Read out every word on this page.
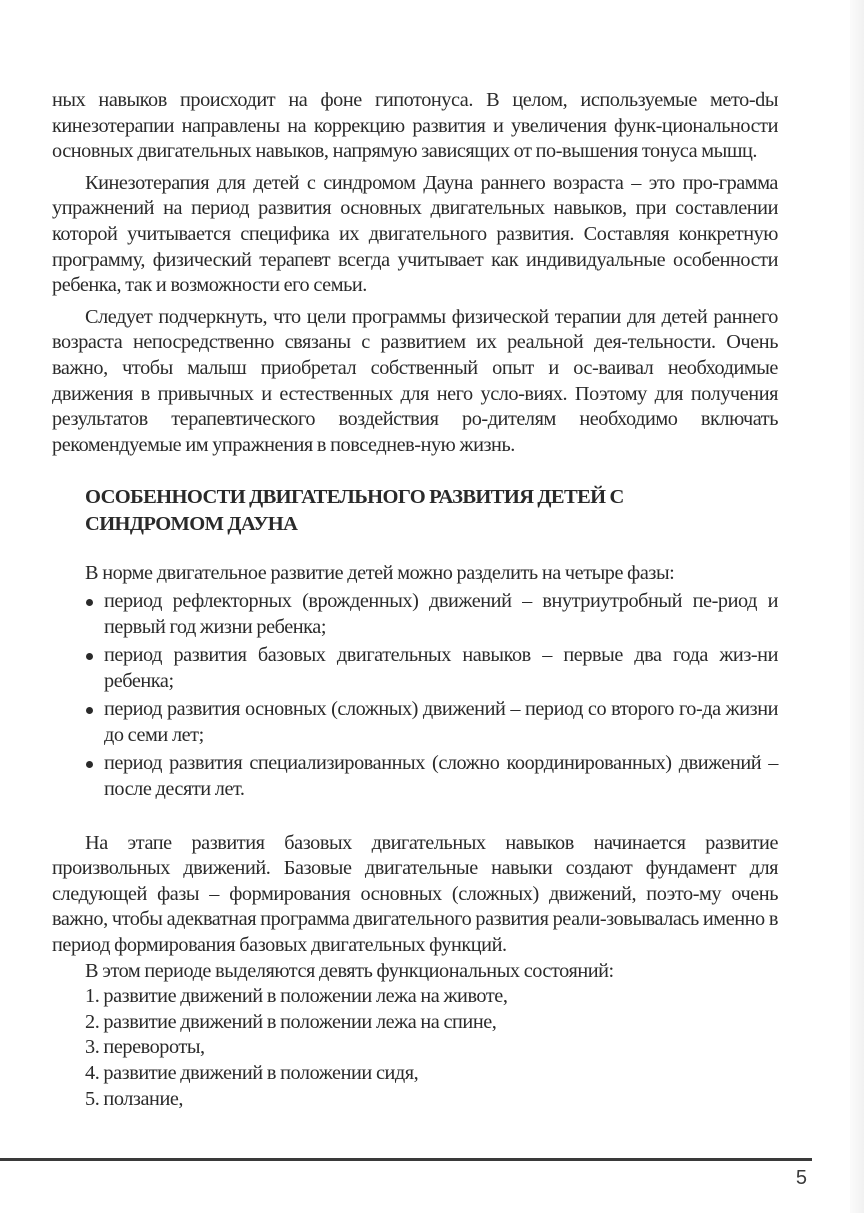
ных навыков происходит на фоне гипотонуса. В целом, используемые мето-dы кинезотерапии направлены на коррекцию развития и увеличения функ-циональности основных двигательных навыков, напрямую зависящих от по-вышения тонуса мышц.

Кинезотерапия для детей с синдромом Дауна раннего возраста – это про-грамма упражнений на период развития основных двигательных навыков, при составлении которой учитывается специфика их двигательного развития. Составляя конкретную программу, физический терапевт всегда учитывает как индивидуальные особенности ребенка, так и возможности его семьи.

Следует подчеркнуть, что цели программы физической терапии для детей раннего возраста непосредственно связаны с развитием их реальной дея-тельности. Очень важно, чтобы малыш приобретал собственный опыт и ос-ваивал необходимые движения в привычных и естественных для него усло-виях. Поэтому для получения результатов терапевтического воздействия ро-дителям необходимо включать рекомендуемые им упражнения в повседнев-ную жизнь.

ОСОБЕННОСТИ ДВИГАТЕЛЬНОГО РАЗВИТИЯ ДЕТЕЙ С СИНДРОМОМ ДАУНА

В норме двигательное развитие детей можно разделить на четыре фазы:

период рефлекторных (врожденных) движений – внутриутробный пе-риод и первый год жизни ребенка;
период развития базовых двигательных навыков – первые два года жиз-ни ребенка;
период развития основных (сложных) движений – период со второго го-да жизни до семи лет;
период развития специализированных (сложно координированных) движений – после десяти лет.

На этапе развития базовых двигательных навыков начинается развитие произвольных движений. Базовые двигательные навыки создают фундамент для следующей фазы – формирования основных (сложных) движений, поэто-му очень важно, чтобы адекватная программа двигательного развития реали-зовывалась именно в период формирования базовых двигательных функций.

В этом периоде выделяются девять функциональных состояний:

1. развитие движений в положении лежа на животе,
2. развитие движений в положении лежа на спине,
3. перевороты,
4. развитие движений в положении сидя,
5. ползание,
5
